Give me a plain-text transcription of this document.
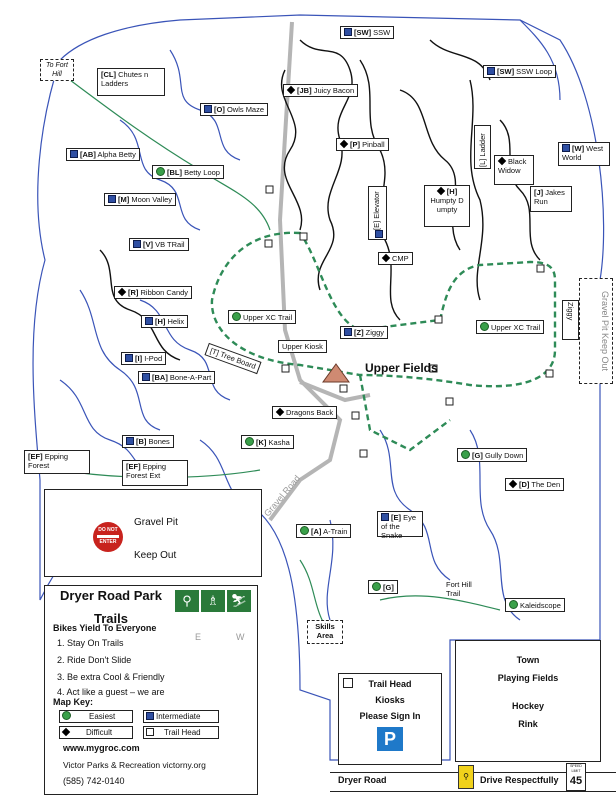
To Fort Hill	[CL] Chutes n Ladders
[O] Owls Maze
[JB] Juicy Bacon
[SW] SSW
[SW] SSW Loop
[AB] Alpha Betty
[BL] Betty Loop
[P] Pinball	[W] West World
[L] Ladder	Black Widow
[H]
Humpty D umpty
[J] Jakes Run
[M] Moon Valley	[E] Elevator
[V] VB TRail
CMP
[R] Ribbon Candy
[H] Helix	Upper XC Trail
Upper XC Trail
[Z] Ziggy
Ziggy	Gravel Pit Keep Out
[I] I-Pod	[T] Tree Board	Upper Kiosk
Upper Fields
[BA] Bone-A-Part
Dragons Back
[B] Bones	[K] Kasha
[G] Gully Down
[EF] Epping Forest	[EF] Epping Forest Ext
[D] The Den
Gravel Road
[A] A-Train
[E] Eye of the Snake
[G]	Fort Hill Trail
Kaleidscope
Skills Area
DO NOT
ENTER
Gravel Pit
Keep Out
Dryer Road Park
Trails
⚲	♗ ⛷
Bikes Yield To Everyone
1. Stay On Trails
2. Ride Don't Slide
3. Be extra Cool & Friendly
4. Act like a guest – we are
E	W
Map Key:
Easiest	Intermediate
Difficult	Trail Head
www.mygroc.com
Victor Parks & Recreation victorny.org
(585) 742-0140
Trail Head
Kiosks
Please Sign In
P
Town
Playing Fields
Hockey
Rink
Dryer Road	⚲	Drive Respectfully
SPEED LIMIT
45
